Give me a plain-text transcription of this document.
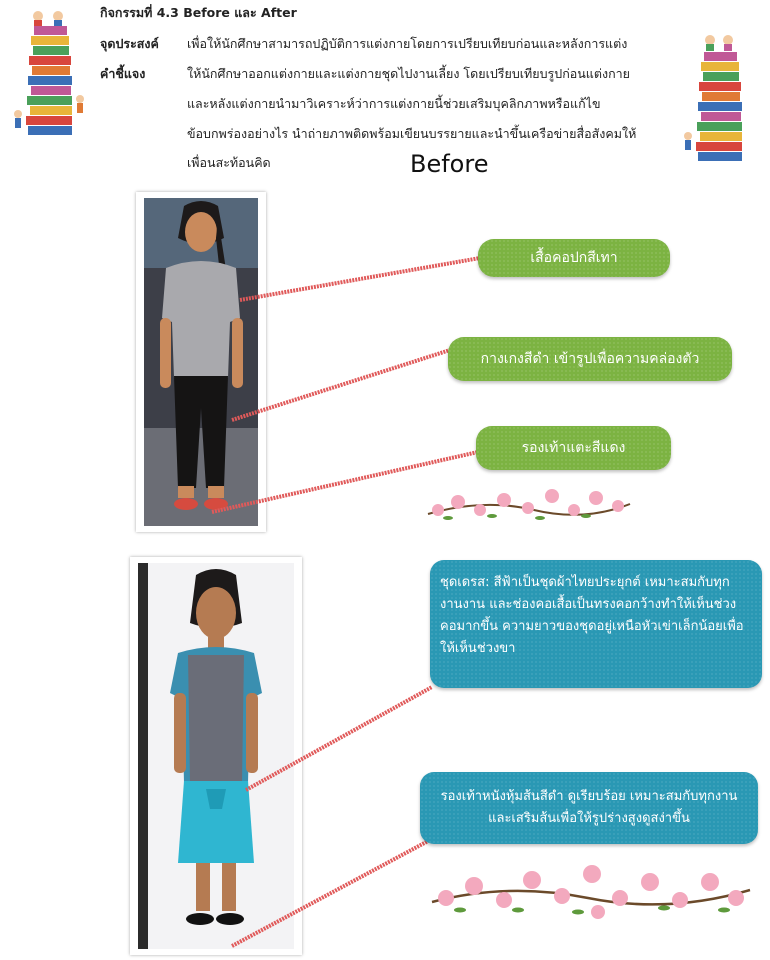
กิจกรรมที่ 4.3 Before และ After
จุดประสงค์ เพื่อให้นักศึกษาสามารถปฏิบัติการแต่งกายโดยการเปรียบเทียบก่อนและหลังการแต่ง
คำชี้แจง	ให้นักศึกษาออกแต่งกายและแต่งกายชุดไปงานเลี้ยง โดยเปรียบเทียบรูปก่อนแต่งกาย
และหลังแต่งกายนำมาวิเคราะห์ว่าการแต่งกายนี้ช่วยเสริมบุคลิกภาพหรือแก้ไข
ข้อบกพร่องอย่างไร นำถ่ายภาพติดพร้อมเขียนบรรยายและนำขึ้นเครือข่ายสื่อสังคมให้
เพื่อนสะท้อนคิด	Before
เสื้อคอปกสีเทา
กางเกงสีดำ เข้ารูปเพื่อความคล่องตัว
รองเท้าแตะสีแดง
ชุดเดรส: สีฟ้าเป็นชุดผ้าไทยประยุกต์ เหมาะสมกับทุกงานงาน และช่องคอเสื้อเป็นทรงคอกว้างทำให้เห็นช่วงคอมากขึ้น ความยาวของชุดอยู่เหนือหัวเข่าเล็กน้อยเพื่อให้เห็นช่วงขา
รองเท้าหนังหุ้มส้นสีดำ ดูเรียบร้อย เหมาะสมกับทุกงาน และเสริมส้นเพื่อให้รูปร่างสูงดูสง่าขึ้น
